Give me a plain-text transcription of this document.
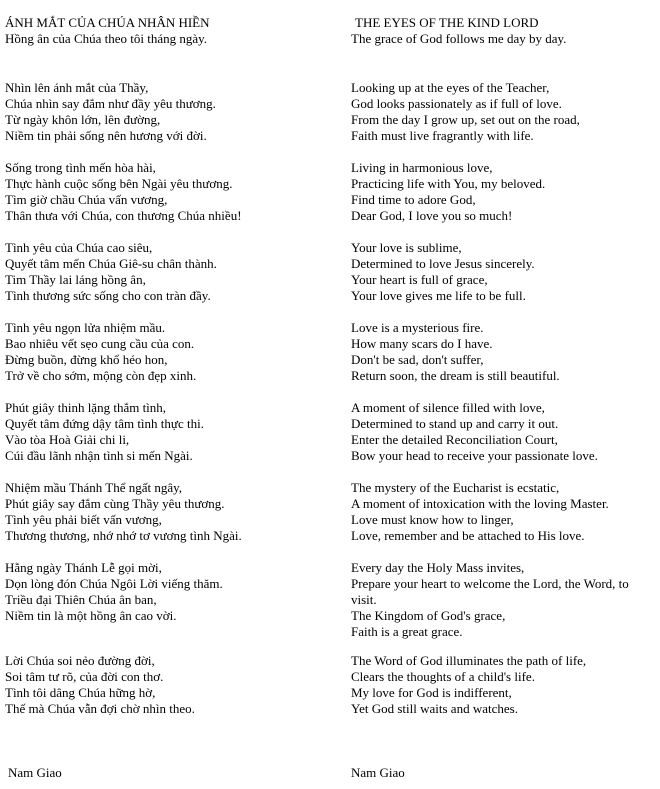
ÁNH MẮT CỦA CHÚA NHÂN HIỀN
Hồng ân của Chúa theo tôi tháng ngày.
Nhìn lên ánh mắt của Thầy,
Chúa nhìn say đắm như đầy yêu thương.
Từ ngày khôn lớn, lên đường,
Niềm tin phải sống nên hương với đời.
Sống trong tình mến hòa hài,
Thực hành cuộc sống bên Ngài yêu thương.
Tìm giờ chầu Chúa vấn vương,
Thân thưa với Chúa, con thương Chúa nhiều!
Tình yêu của Chúa cao siêu,
Quyết tâm mến Chúa Giê-su chân thành.
Tim Thầy lai láng hồng ân,
Tình thương sức sống cho con tràn đầy.
Tình yêu ngọn lửa nhiệm mầu.
Bao nhiêu vết sẹo cung cầu của con.
Đừng buồn, đừng khổ héo hon,
Trở về cho sớm, mộng còn đẹp xinh.
Phút giây thinh lặng thắm tình,
Quyết tâm đứng dậy tâm tình thực thi.
Vào tòa Hoà Giải chi li,
Cúi đầu lãnh nhận tình si mến Ngài.
Nhiệm mầu Thánh Thể ngất ngây,
Phút giây say đắm cùng Thầy yêu thương.
Tình yêu phải biết vấn vương,
Thương thương, nhớ nhớ tơ vương tình Ngài.
Hằng ngày Thánh Lễ gọi mời,
Dọn lòng đón Chúa Ngôi Lời viếng thăm.
Triều đại Thiên Chúa ân ban,
Niềm tin là một hồng ân cao vời.
Lời Chúa soi nẻo đường đời,
Soi tâm tư rõ, của đời con thơ.
Tình tôi dâng Chúa hững hờ,
Thế mà Chúa vẫn đợi chờ nhìn theo.
THE EYES OF THE KIND LORD
The grace of God follows me day by day.
Looking up at the eyes of the Teacher,
God looks passionately as if full of love.
From the day I grow up, set out on the road,
Faith must live fragrantly with life.
Living in harmonious love,
Practicing life with You, my beloved.
Find time to adore God,
Dear God, I love you so much!
Your love is sublime,
Determined to love Jesus sincerely.
Your heart is full of grace,
Your love gives me life to be full.
Love is a mysterious fire.
How many scars do I have.
Don't be sad, don't suffer,
Return soon, the dream is still beautiful.
A moment of silence filled with love,
Determined to stand up and carry it out.
Enter the detailed Reconciliation Court,
Bow your head to receive your passionate love.
The mystery of the Eucharist is ecstatic,
A moment of intoxication with the loving Master.
Love must know how to linger,
Love, remember and be attached to His love.
Every day the Holy Mass invites,
Prepare your heart to welcome the Lord, the Word, to visit.
The Kingdom of God's grace,
Faith is a great grace.
The Word of God illuminates the path of life,
Clears the thoughts of a child's life.
My love for God is indifferent,
Yet God still waits and watches.
Nam Giao	Nam Giao
